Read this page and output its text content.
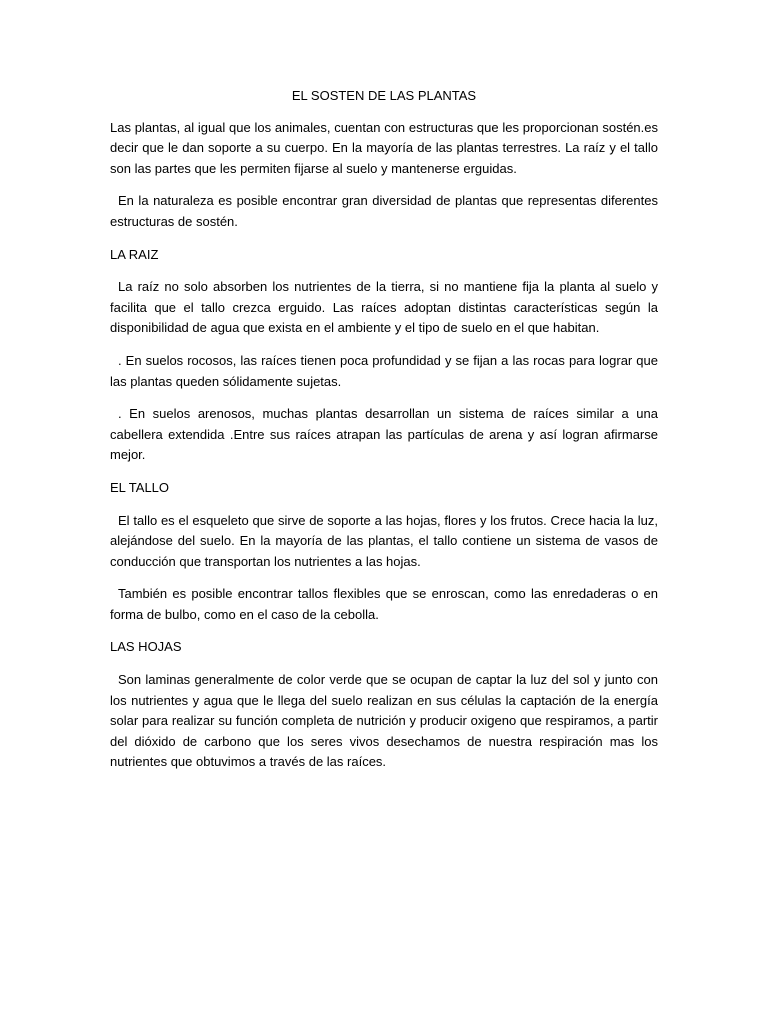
EL SOSTEN DE LAS PLANTAS

Las plantas, al igual que los animales, cuentan con estructuras que les proporcionan sostén.es decir que le dan soporte a su cuerpo. En la mayoría de las plantas terrestres. La raíz y el tallo son las partes que les permiten fijarse al suelo y mantenerse erguidas.

En la naturaleza es posible encontrar gran diversidad de plantas que representas diferentes estructuras de sostén.

LA RAIZ

La raíz no solo absorben los nutrientes de la tierra, si no mantiene fija la planta al suelo y facilita que el tallo crezca erguido. Las raíces adoptan distintas características según la disponibilidad de agua que exista en el ambiente y el tipo de suelo en el que habitan.

. En suelos rocosos, las raíces tienen poca profundidad y se fijan a las rocas para lograr que las plantas queden sólidamente sujetas.

. En suelos arenosos, muchas plantas desarrollan un sistema de raíces similar a una cabellera extendida .Entre sus raíces atrapan las partículas de arena y así logran afirmarse mejor.

EL TALLO

El tallo es el esqueleto que sirve de soporte a las hojas, flores y los frutos. Crece hacia la luz, alejándose del suelo. En la mayoría de las plantas, el tallo contiene un sistema de vasos de conducción que transportan los nutrientes a las hojas.

También es posible encontrar tallos flexibles que se enroscan, como las enredaderas o en forma de bulbo, como en el caso de la cebolla.

LAS HOJAS

Son laminas generalmente de color verde que se ocupan de captar la luz del sol y junto con los nutrientes y agua que le llega del suelo realizan en sus células la captación de la energía solar para realizar su función completa de nutrición y producir oxigeno que respiramos, a partir del dióxido de carbono que los seres vivos desechamos de nuestra respiración mas los nutrientes que obtuvimos a través de las raíces.
